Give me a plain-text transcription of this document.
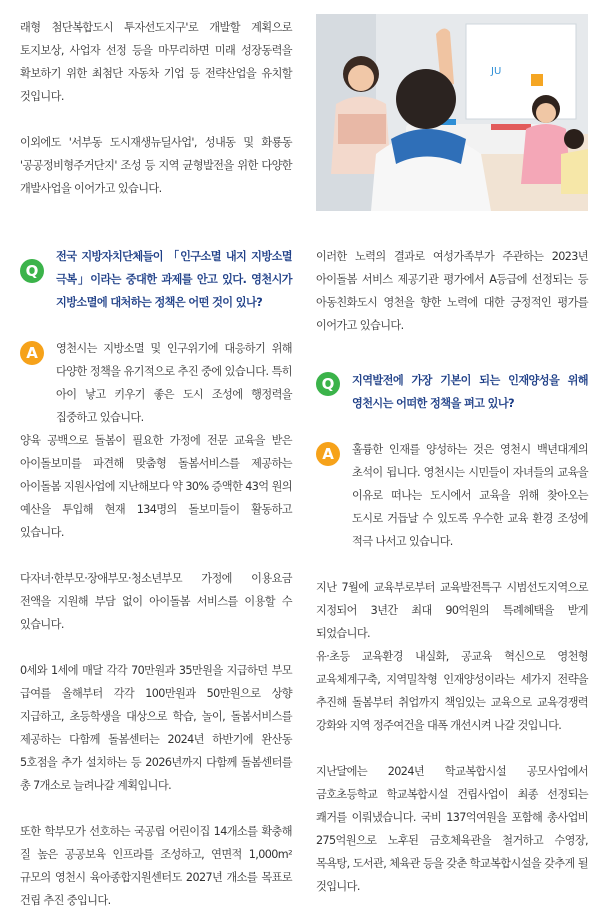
래형 첨단복합도시 투자선도지구'로 개발할 계획으로 토지보상, 사업자 선정 등을 마무리하면 미래 성장동력을 확보하기 위한 최첨단 자동차 기업 등 전략산업을 유치할 것입니다.

이외에도 '서부동 도시재생뉴딜사업', 성내동 및 화룡동 '공공정비형주거단지' 조성 등 지역 균형발전을 위한 다양한 개발사업을 이어가고 있습니다.

Q

전국 지방자치단체들이 「인구소멸 내지 지방소멸 극복」이라는 중대한 과제를 안고 있다. 영천시가 지방소멸에 대처하는 정책은 어떤 것이 있나?

A	영천시는 지방소멸 및 인구위기에 대응하기 위해 다양한 정책을 유기적으로 추진 중에 있습니다. 특히 아이 낳고 키우기 좋은 도시 조성에 행정력을 집중하고 있습니다.

양육 공백으로 돌봄이 필요한 가정에 전문 교육을 받은 아이돌보미를 파견해 맞춤형 돌봄서비스를 제공하는 아이돌봄 지원사업에 지난해보다 약 30% 증액한 43억 원의 예산을 투입해 현재 134명의 돌보미들이 활동하고 있습니다.

다자녀·한부모·장애부모·청소년부모 가정에 이용요금 전액을 지원해 부담 없이 아이돌봄 서비스를 이용할 수 있습니다.

0세와 1세에 매달 각각 70만원과 35만원을 지급하던 부모 급여를 올해부터 각각 100만원과 50만원으로 상향 지급하고, 초등학생을 대상으로 학습, 놀이, 돌봄서비스를 제공하는 다함께 돌봄센터는 2024년 하반기에 완산동 5호점을 추가 설치하는 등 2026년까지 다함께 돌봄센터를 총 7개소로 늘려나갈 계획입니다.

또한 학부모가 선호하는 국공립 어린이집 14개소를 확충해 질 높은 공공보육 인프라를 조성하고, 연면적 1,000m² 규모의 영천시 육아종합지원센터도 2027년 개소를 목표로 건립 추진 중입니다.

JU

이러한 노력의 결과로 여성가족부가 주관하는 2023년 아이돌봄 서비스 제공기관 평가에서 A등급에 선정되는 등 아동친화도시 영천을 향한 노력에 대한 긍정적인 평가를 이어가고 있습니다.

Q	지역발전에 가장 기본이 되는 인재양성을 위해 영천시는 어떠한 정책을 펴고 있나?

A	훌륭한 인재를 양성하는 것은 영천시 백년대계의 초석이 됩니다. 영천시는 시민들이 자녀들의 교육을 이유로 떠나는 도시에서 교육을 위해 찾아오는 도시로 거듭날 수 있도록 우수한 교육 환경 조성에 적극 나서고 있습니다.

지난 7월에 교육부로부터 교육발전특구 시범선도지역으로 지정되어 3년간 최대 90억원의 특례혜택을 받게 되었습니다.

유·초등 교육환경 내실화, 공교육 혁신으로 영천형 교육체계구축, 지역밀착형 인재양성이라는 세가지 전략을 추진해 돌봄부터 취업까지 책임있는 교육으로 교육경쟁력 강화와 지역 정주여건을 대폭 개선시켜 나갈 것입니다.

지난달에는 2024년 학교복합시설 공모사업에서 금호초등학교 학교복합시설 건립사업이 최종 선정되는 쾌거를 이뤄냈습니다. 국비 137억여원을 포함해 총사업비 275억원으로 노후된 금호체육관을 철거하고 수영장, 목욕탕, 도서관, 체육관 등을 갖춘 학교복합시설을 갖추게 될 것입니다.
